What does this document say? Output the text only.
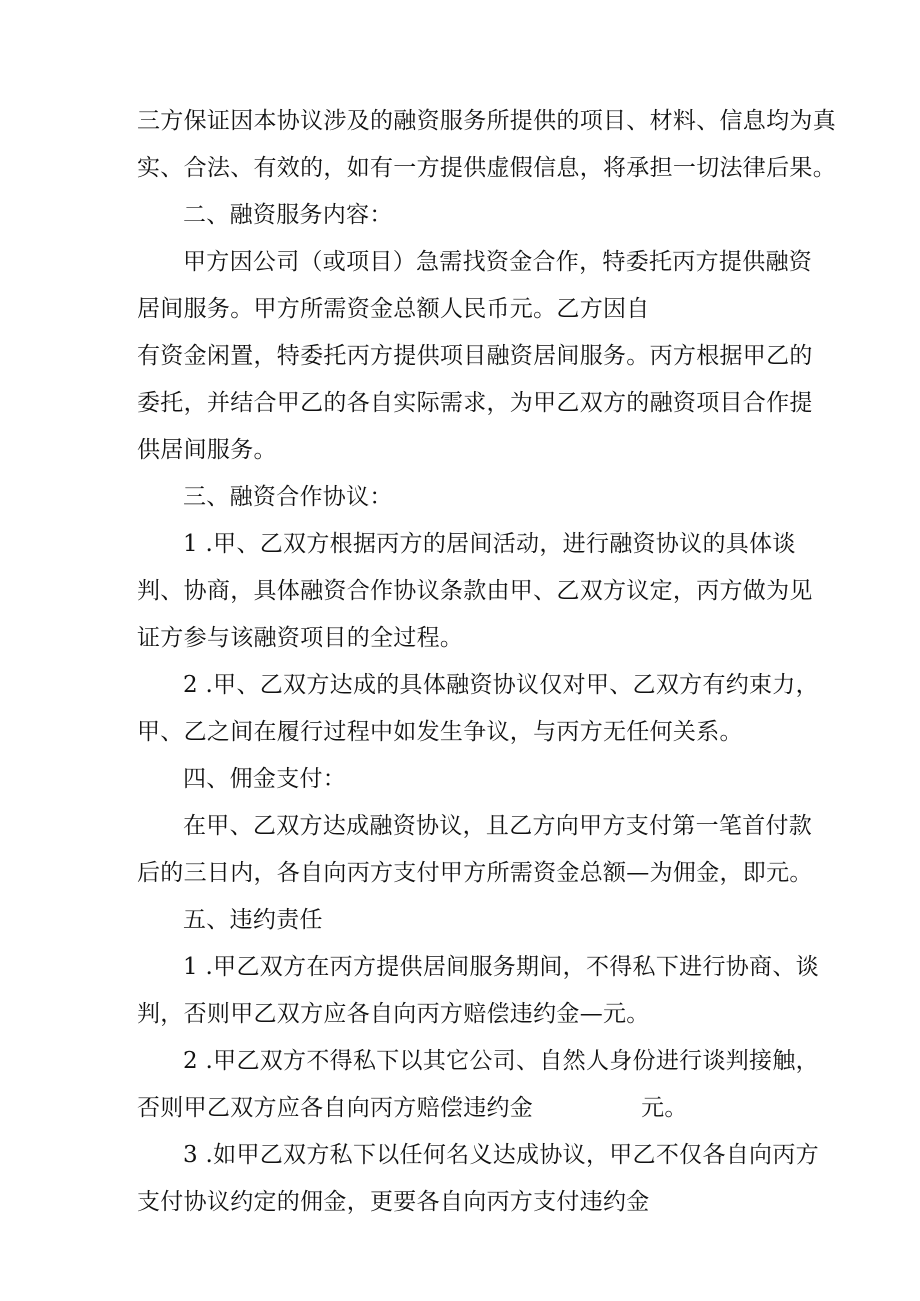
三方保证因本协议涉及的融资服务所提供的项目、材料、信息均为真
实、合法、有效的，如有一方提供虚假信息，将承担一切法律后果。
二、融资服务内容：
甲方因公司（或项目）急需找资金合作，特委托丙方提供融资
居间服务。甲方所需资金总额人民币元。乙方因自
有资金闲置，特委托丙方提供项目融资居间服务。丙方根据甲乙的
委托，并结合甲乙的各自实际需求，为甲乙双方的融资项目合作提
供居间服务。
三、融资合作协议：
1 .甲、乙双方根据丙方的居间活动，进行融资协议的具体谈
判、协商，具体融资合作协议条款由甲、乙双方议定，丙方做为见
证方参与该融资项目的全过程。
2 .甲、乙双方达成的具体融资协议仅对甲、乙双方有约束力，
甲、乙之间在履行过程中如发生争议，与丙方无任何关系。
四、佣金支付：
在甲、乙双方达成融资协议，且乙方向甲方支付第一笔首付款
后的三日内，各自向丙方支付甲方所需资金总额—为佣金，即元。
五、违约责任
1 .甲乙双方在丙方提供居间服务期间，不得私下进行协商、谈
判，否则甲乙双方应各自向丙方赔偿违约金—元。
2 .甲乙双方不得私下以其它公司、自然人身份进行谈判接触，
否则甲乙双方应各自向丙方赔偿违约金	元。
3 .如甲乙双方私下以任何名义达成协议，甲乙不仅各自向丙方
支付协议约定的佣金，更要各自向丙方支付违约金
